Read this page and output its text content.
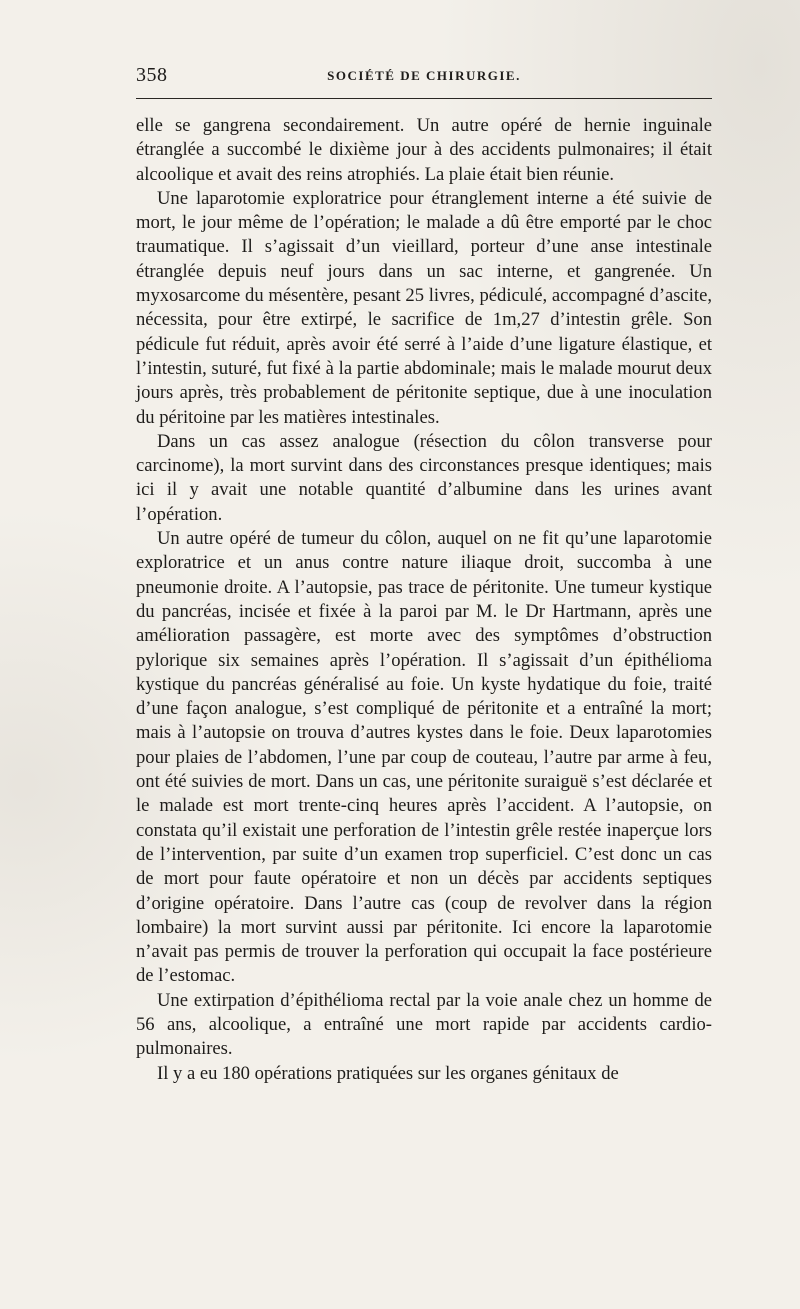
358	SOCIÉTÉ DE CHIRURGIE.

elle se gangrena secondairement. Un autre opéré de hernie inguinale étranglée a succombé le dixième jour à des accidents pulmonaires; il était alcoolique et avait des reins atrophiés. La plaie était bien réunie.

Une laparotomie exploratrice pour étranglement interne a été suivie de mort, le jour même de l’opération; le malade a dû être emporté par le choc traumatique. Il s’agissait d’un vieillard, porteur d’une anse intestinale étranglée depuis neuf jours dans un sac interne, et gangrenée. Un myxosarcome du mésentère, pesant 25 livres, pédiculé, accompagné d’ascite, nécessita, pour être extirpé, le sacrifice de 1m,27 d’intestin grêle. Son pédicule fut réduit, après avoir été serré à l’aide d’une ligature élastique, et l’intestin, suturé, fut fixé à la partie abdominale; mais le malade mourut deux jours après, très probablement de péritonite septique, due à une inoculation du péritoine par les matières intestinales.

Dans un cas assez analogue (résection du côlon transverse pour carcinome), la mort survint dans des circonstances presque identiques; mais ici il y avait une notable quantité d’albumine dans les urines avant l’opération.

Un autre opéré de tumeur du côlon, auquel on ne fit qu’une laparotomie exploratrice et un anus contre nature iliaque droit, succomba à une pneumonie droite. A l’autopsie, pas trace de péritonite. Une tumeur kystique du pancréas, incisée et fixée à la paroi par M. le Dr Hartmann, après une amélioration passagère, est morte avec des symptômes d’obstruction pylorique six semaines après l’opération. Il s’agissait d’un épithélioma kystique du pancréas généralisé au foie. Un kyste hydatique du foie, traité d’une façon analogue, s’est compliqué de péritonite et a entraîné la mort; mais à l’autopsie on trouva d’autres kystes dans le foie. Deux laparotomies pour plaies de l’abdomen, l’une par coup de couteau, l’autre par arme à feu, ont été suivies de mort. Dans un cas, une péritonite suraiguë s’est déclarée et le malade est mort trente-cinq heures après l’accident. A l’autopsie, on constata qu’il existait une perforation de l’intestin grêle restée inaperçue lors de l’intervention, par suite d’un examen trop superficiel. C’est donc un cas de mort pour faute opératoire et non un décès par accidents septiques d’origine opératoire. Dans l’autre cas (coup de revolver dans la région lombaire) la mort survint aussi par péritonite. Ici encore la laparotomie n’avait pas permis de trouver la perforation qui occupait la face postérieure de l’estomac.

Une extirpation d’épithélioma rectal par la voie anale chez un homme de 56 ans, alcoolique, a entraîné une mort rapide par accidents cardio-pulmonaires.

Il y a eu 180 opérations pratiquées sur les organes génitaux de
